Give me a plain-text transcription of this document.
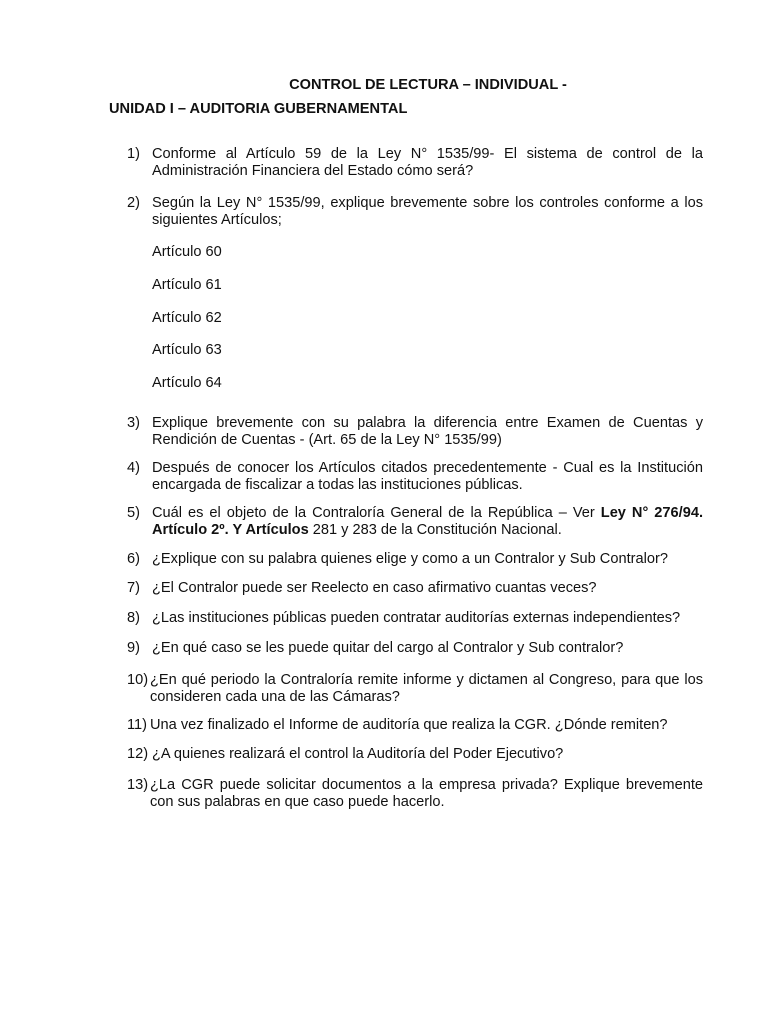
CONTROL DE LECTURA – INDIVIDUAL -
UNIDAD I – AUDITORIA GUBERNAMENTAL
1) Conforme al Artículo 59 de la Ley N° 1535/99- El sistema de control de la Administración Financiera del Estado cómo será?
2) Según la Ley N° 1535/99, explique brevemente sobre los controles conforme a los siguientes Artículos;
Artículo 60
Artículo 61
Artículo 62
Artículo 63
Artículo 64
3) Explique brevemente con su palabra la diferencia entre Examen de Cuentas y Rendición de Cuentas - (Art. 65 de la Ley N° 1535/99)
4) Después de conocer los Artículos citados precedentemente - Cual es la Institución encargada de fiscalizar a todas las instituciones públicas.
5) Cuál es el objeto de la Contraloría General de la República – Ver Ley N° 276/94. Artículo 2º. Y Artículos 281 y 283 de la Constitución Nacional.
6) ¿Explique con su palabra quienes elige y como a un Contralor y Sub Contralor?
7) ¿El Contralor puede ser Reelecto en caso afirmativo cuantas veces?
8) ¿Las instituciones públicas pueden contratar auditorías externas independientes?
9) ¿En qué caso se les puede quitar del cargo al Contralor y Sub contralor?
10) ¿En qué periodo la Contraloría remite informe y dictamen al Congreso, para que los consideren cada una de las Cámaras?
11) Una vez finalizado el Informe de auditoría que realiza la CGR. ¿Dónde remiten?
12) ¿A quienes realizará el control la Auditoría del Poder Ejecutivo?
13) ¿La CGR puede solicitar documentos a la empresa privada? Explique brevemente con sus palabras en que caso puede hacerlo.
